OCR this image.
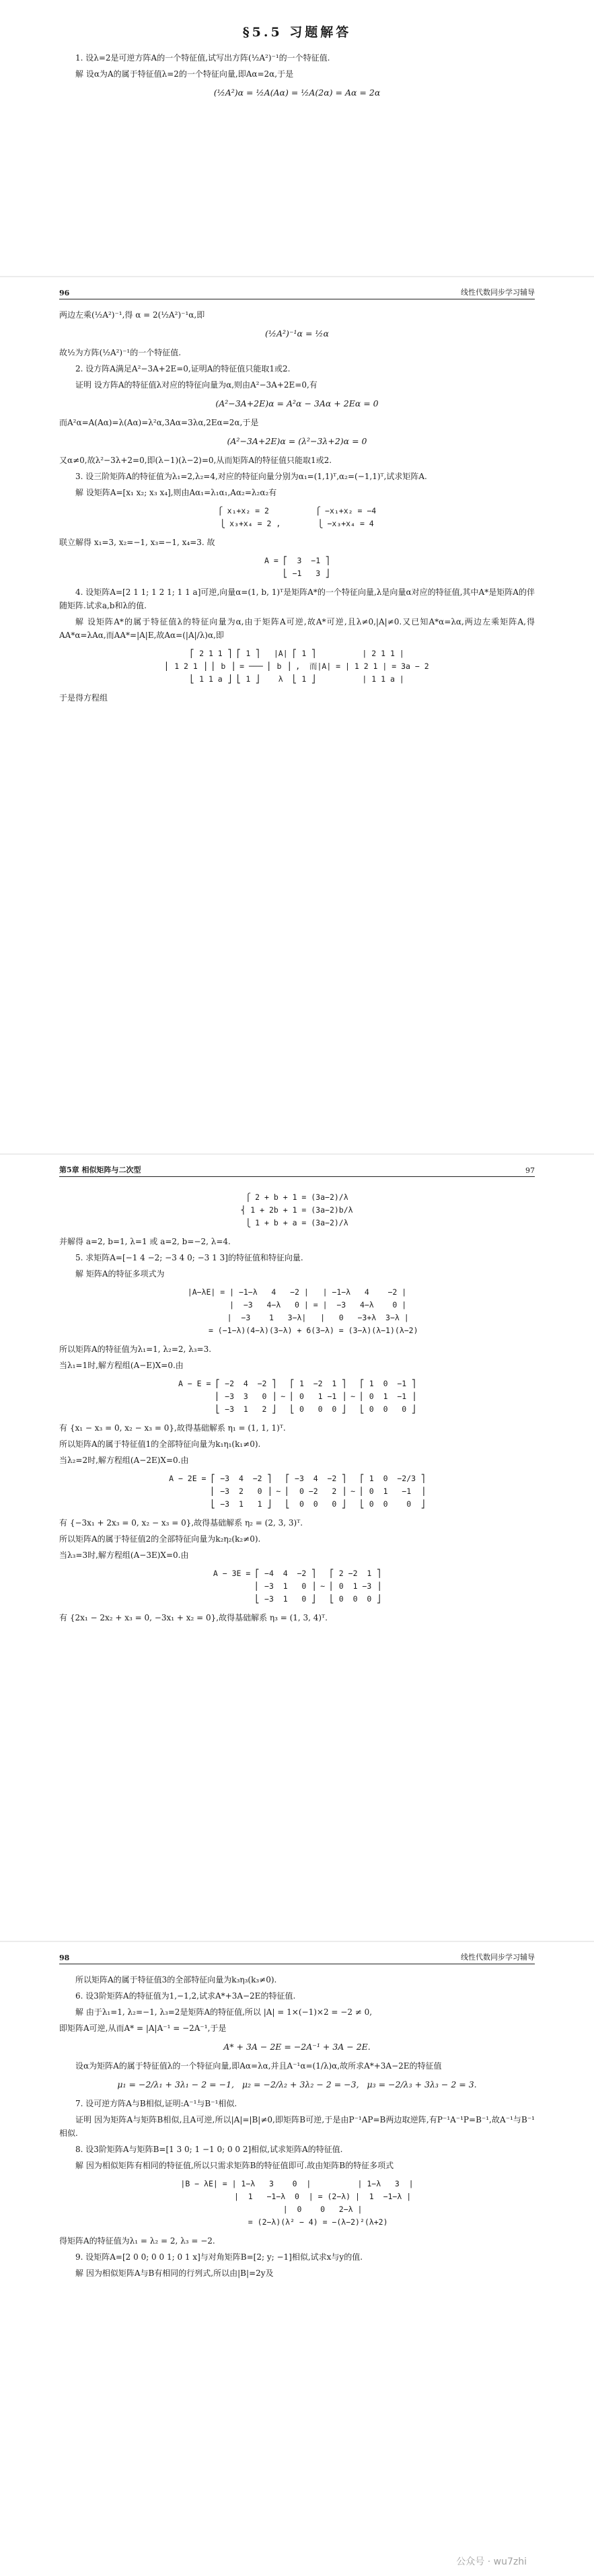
§5.5 习题解答

1. 设λ=2是可逆方阵A的一个特征值,试写出方阵(½A²)⁻¹的一个特征值.

解 设α为A的属于特征值λ=2的一个特征向量,即Aα=2α,于是

(½A²)α = ½A(Aα) = ½A(2α) = Aα = 2α
96	线性代数同步学习辅导

两边左乘(½A²)⁻¹,得 α = 2(½A²)⁻¹α,即

(½A²)⁻¹α = ½α

故½为方阵(½A²)⁻¹的一个特征值.

2. 设方阵A满足A²−3A+2E=0,证明A的特征值只能取1或2.

证明 设方阵A的特征值λ对应的特征向量为α,则由A²−3A+2E=0,有

(A²−3A+2E)α = A²α − 3Aα + 2Eα = 0

而A²α=A(Aα)=λ(Aα)=λ²α,3Aα=3λα,2Eα=2α,于是

(A²−3A+2E)α = (λ²−3λ+2)α = 0

又α≠0,故λ²−3λ+2=0,即(λ−1)(λ−2)=0,从而矩阵A的特征值只能取1或2.

3. 设三阶矩阵A的特征值为λ₁=2,λ₂=4,对应的特征向量分别为α₁=(1,1)ᵀ,α₂=(−1,1)ᵀ,试求矩阵A.

解 设矩阵A=[x₁ x₂; x₃ x₄],则由Aα₁=λ₁α₁,Aα₂=λ₂α₂有

⎧ x₁+x₂ = 2          ⎧ −x₁+x₂ = −4
⎩ x₃+x₄ = 2 ,        ⎩ −x₃+x₄ = 4

联立解得 x₁=3, x₂=−1, x₃=−1, x₄=3. 故

A = ⎡  3  −1 ⎤
⎣ −1   3 ⎦

4. 设矩阵A=[2 1 1; 1 2 1; 1 1 a]可逆,向量α=(1, b, 1)ᵀ是矩阵A*的一个特征向量,λ是向量α对应的特征值,其中A*是矩阵A的伴随矩阵.试求a,b和λ的值.

解 设矩阵A*的属于特征值λ的特征向量为α,由于矩阵A可逆,故A*可逆,且λ≠0,|A|≠0.又已知A*α=λα,两边左乘矩阵A,得AA*α=λAα,而AA*=|A|E,故Aα=(|A|/λ)α,即

⎡ 2 1 1 ⎤ ⎡ 1 ⎤   |A| ⎡ 1 ⎤          | 2 1 1 |
⎢ 1 2 1 ⎥ ⎢ b ⎥ = ─── ⎢ b ⎥ ,  而|A| = | 1 2 1 | = 3a − 2
⎣ 1 1 a ⎦ ⎣ 1 ⎦    λ  ⎣ 1 ⎦          | 1 1 a |

于是得方程组

第5章 相似矩阵与二次型	97
⎧ 2 + b + 1 = (3a−2)/λ
⎨ 1 + 2b + 1 = (3a−2)b/λ
⎩ 1 + b + a = (3a−2)/λ

并解得 a=2, b=1, λ=1 或 a=2, b=−2, λ=4.

5. 求矩阵A=[−1 4 −2; −3 4 0; −3 1 3]的特征值和特征向量.

解 矩阵A的特征多项式为

|A−λE| = | −1−λ   4   −2 |   | −1−λ   4    −2 |
|  −3   4−λ   0 | = |  −3   4−λ    0 |
|  −3    1   3−λ|   |   0   −3+λ  3−λ |
= (−1−λ)(4−λ)(3−λ) + 6(3−λ) = (3−λ)(λ−1)(λ−2)

所以矩阵A的特征值为λ₁=1, λ₂=2, λ₃=3.

当λ₁=1时,解方程组(A−E)X=0.由

A − E = ⎡ −2  4  −2 ⎤   ⎡ 1  −2  1 ⎤   ⎡ 1  0  −1 ⎤
⎢ −3  3   0 ⎥ ~ ⎢ 0   1 −1 ⎥ ~ ⎢ 0  1  −1 ⎥
⎣ −3  1   2 ⎦   ⎣ 0   0  0 ⎦   ⎣ 0  0   0 ⎦

有 {x₁ − x₃ = 0, x₂ − x₃ = 0},故得基础解系 η₁ = (1, 1, 1)ᵀ.

所以矩阵A的属于特征值1的全部特征向量为k₁η₁(k₁≠0).

当λ₂=2时,解方程组(A−2E)X=0.由

A − 2E = ⎡ −3  4  −2 ⎤   ⎡ −3  4  −2 ⎤   ⎡ 1  0  −2/3 ⎤
⎢ −3  2   0 ⎥ ~ ⎢  0 −2   2 ⎥ ~ ⎢ 0  1   −1  ⎥
⎣ −3  1   1 ⎦   ⎣  0  0   0 ⎦   ⎣ 0  0    0  ⎦

有 {−3x₁ + 2x₃ = 0, x₂ − x₃ = 0},故得基础解系 η₂ = (2, 3, 3)ᵀ.

所以矩阵A的属于特征值2的全部特征向量为k₂η₂(k₂≠0).

当λ₃=3时,解方程组(A−3E)X=0.由

A − 3E = ⎡ −4  4  −2 ⎤   ⎡ 2 −2  1 ⎤
⎢ −3  1   0 ⎥ ~ ⎢ 0  1 −3 ⎥
⎣ −3  1   0 ⎦   ⎣ 0  0  0 ⎦

有 {2x₁ − 2x₂ + x₃ = 0, −3x₁ + x₂ = 0},故得基础解系 η₃ = (1, 3, 4)ᵀ.

98	线性代数同步学习辅导

所以矩阵A的属于特征值3的全部特征向量为k₃η₃(k₃≠0).

6. 设3阶矩阵A的特征值为1,−1,2,试求A*+3A−2E的特征值.

解 由于λ₁=1, λ₂=−1, λ₃=2是矩阵A的特征值,所以 |A| = 1×(−1)×2 = −2 ≠ 0,

即矩阵A可逆,从而A* = |A|A⁻¹ = −2A⁻¹,于是

A* + 3A − 2E = −2A⁻¹ + 3A − 2E.

设α为矩阵A的属于特征值λ的一个特征向量,即Aα=λα,并且A⁻¹α=(1/λ)α,故所求A*+3A−2E的特征值

μ₁ = −2/λ₁ + 3λ₁ − 2 = −1,   μ₂ = −2/λ₂ + 3λ₂ − 2 = −3,   μ₃ = −2/λ₃ + 3λ₃ − 2 = 3.

7. 设可逆方阵A与B相似,证明:A⁻¹与B⁻¹相似.

证明 因为矩阵A与矩阵B相似,且A可逆,所以|A|=|B|≠0,即矩阵B可逆,于是由P⁻¹AP=B两边取逆阵,有P⁻¹A⁻¹P=B⁻¹,故A⁻¹与B⁻¹相似.

8. 设3阶矩阵A与矩阵B=[1 3 0; 1 −1 0; 0 0 2]相似,试求矩阵A的特征值.

解 因为相似矩阵有相同的特征值,所以只需求矩阵B的特征值即可.故由矩阵B的特征多项式

|B − λE| = | 1−λ   3    0  |          | 1−λ   3  |
|  1   −1−λ  0  | = (2−λ) |  1  −1−λ |
|  0    0   2−λ |
= (2−λ)(λ² − 4) = −(λ−2)²(λ+2)

得矩阵A的特征值为λ₁ = λ₂ = 2, λ₃ = −2.

9. 设矩阵A=[2 0 0; 0 0 1; 0 1 x]与对角矩阵B=[2; y; −1]相似,试求x与y的值.

解 因为相似矩阵A与B有相同的行列式,所以由|B|=2y及

公众号 · wu7zhi
